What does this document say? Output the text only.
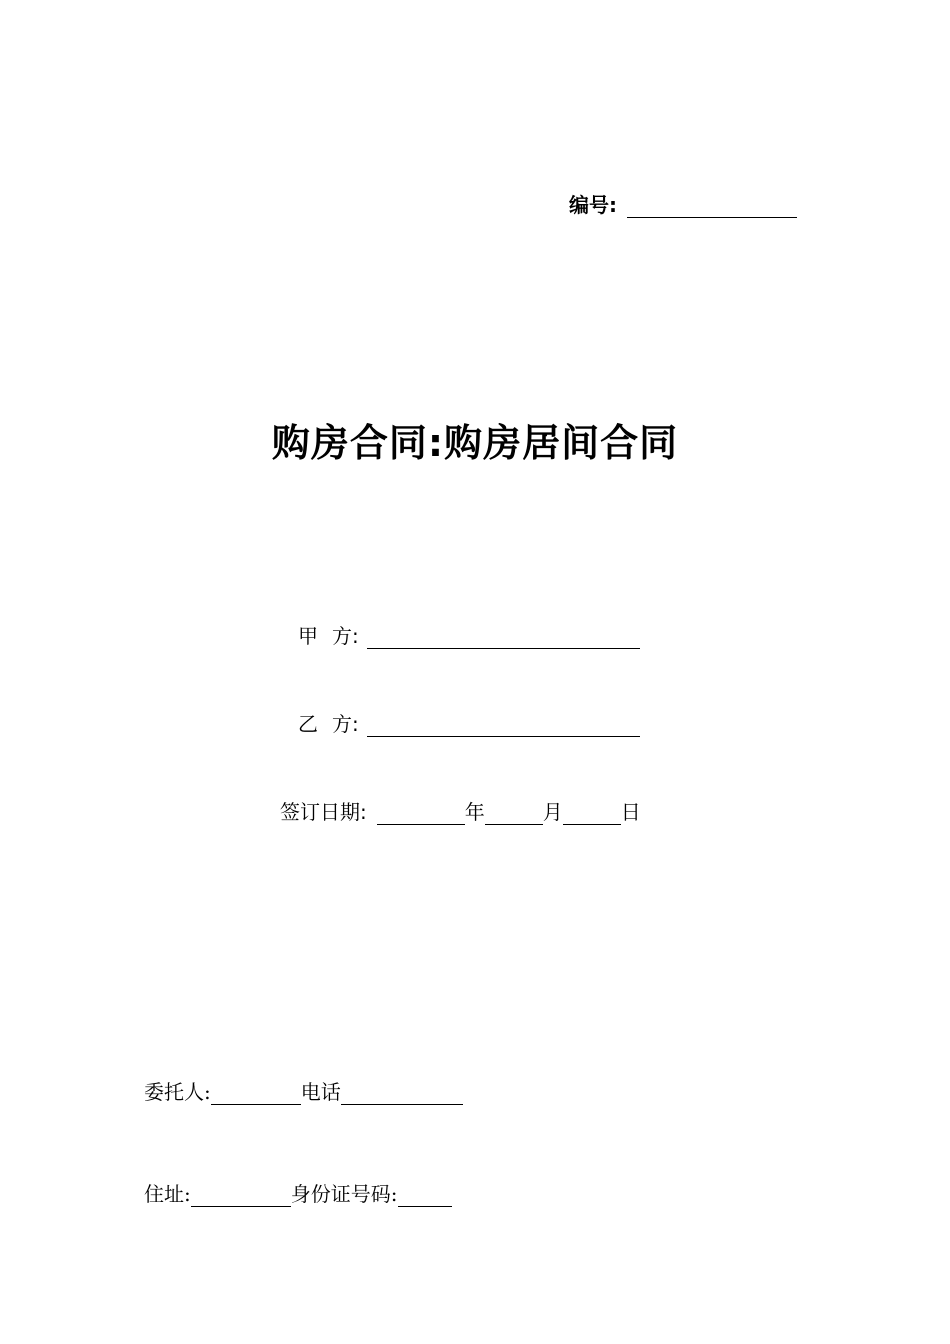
编号:
购房合同:购房居间合同
甲 方:
乙 方:
签订日期:	年	月	日
委托人:	电话
住址:	身份证号码:
